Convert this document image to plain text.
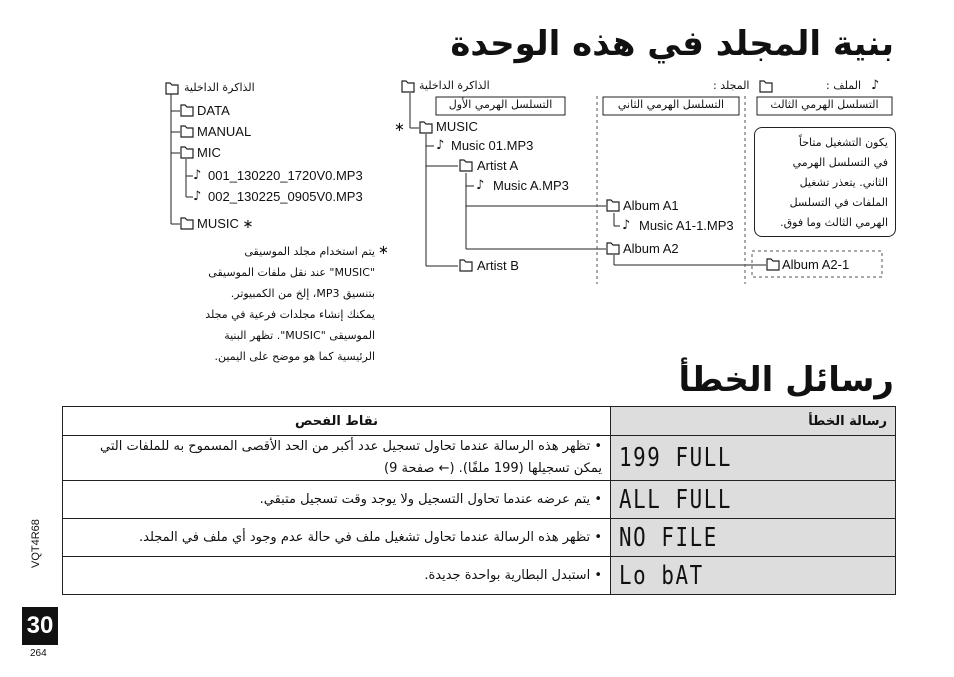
بنية المجلد في هذه الوحدة
رسائل الخطأ
الذاكرة الداخلية
DATA
MANUAL
MIC
♪ 001_130220_1720V0.MP3
♪ 002_130225_0905V0.MP3
MUSIC ∗
∗
يتم استخدام مجلد الموسيقى
"MUSIC" عند نقل ملفات الموسيقى
بتنسيق MP3، إلخ من الكمبيوتر.
يمكنك إنشاء مجلدات فرعية في مجلد
الموسيقى "MUSIC". تظهر البنية
الرئيسية كما هو موضح على اليمين.
الذاكرة الداخلية	المجلد :	الملف : ♪
التسلسل الهرمي الأول	التسلسل الهرمي الثاني	التسلسل الهرمي الثالث
∗ MUSIC
♪ Music 01.MP3
Artist A
♪ Music A.MP3
Album A1
♪ Music A1-1.MP3
Album A2
Artist B	Album A2-1
يكون التشغيل متاحاً
في التسلسل الهرمي
الثاني. يتعذر تشغيل
الملفات في التسلسل
الهرمي الثالث وما فوق.
نقاط الفحص	رسالة الخطأ
• تظهر هذه الرسالة عندما تحاول تسجيل عدد أكبر من الحد الأقصى المسموح به للملفات التي يمكن تسجيلها (199 ملفًا). (← صفحة 9)	199 FULL
• يتم عرضه عندما تحاول التسجيل ولا يوجد وقت تسجيل متبقي.	ALL FULL
• تظهر هذه الرسالة عندما تحاول تشغيل ملف في حالة عدم وجود أي ملف في المجلد.	NO FILE
• استبدل البطارية بواحدة جديدة.	Lo bAT
VQT4R68
30
264
